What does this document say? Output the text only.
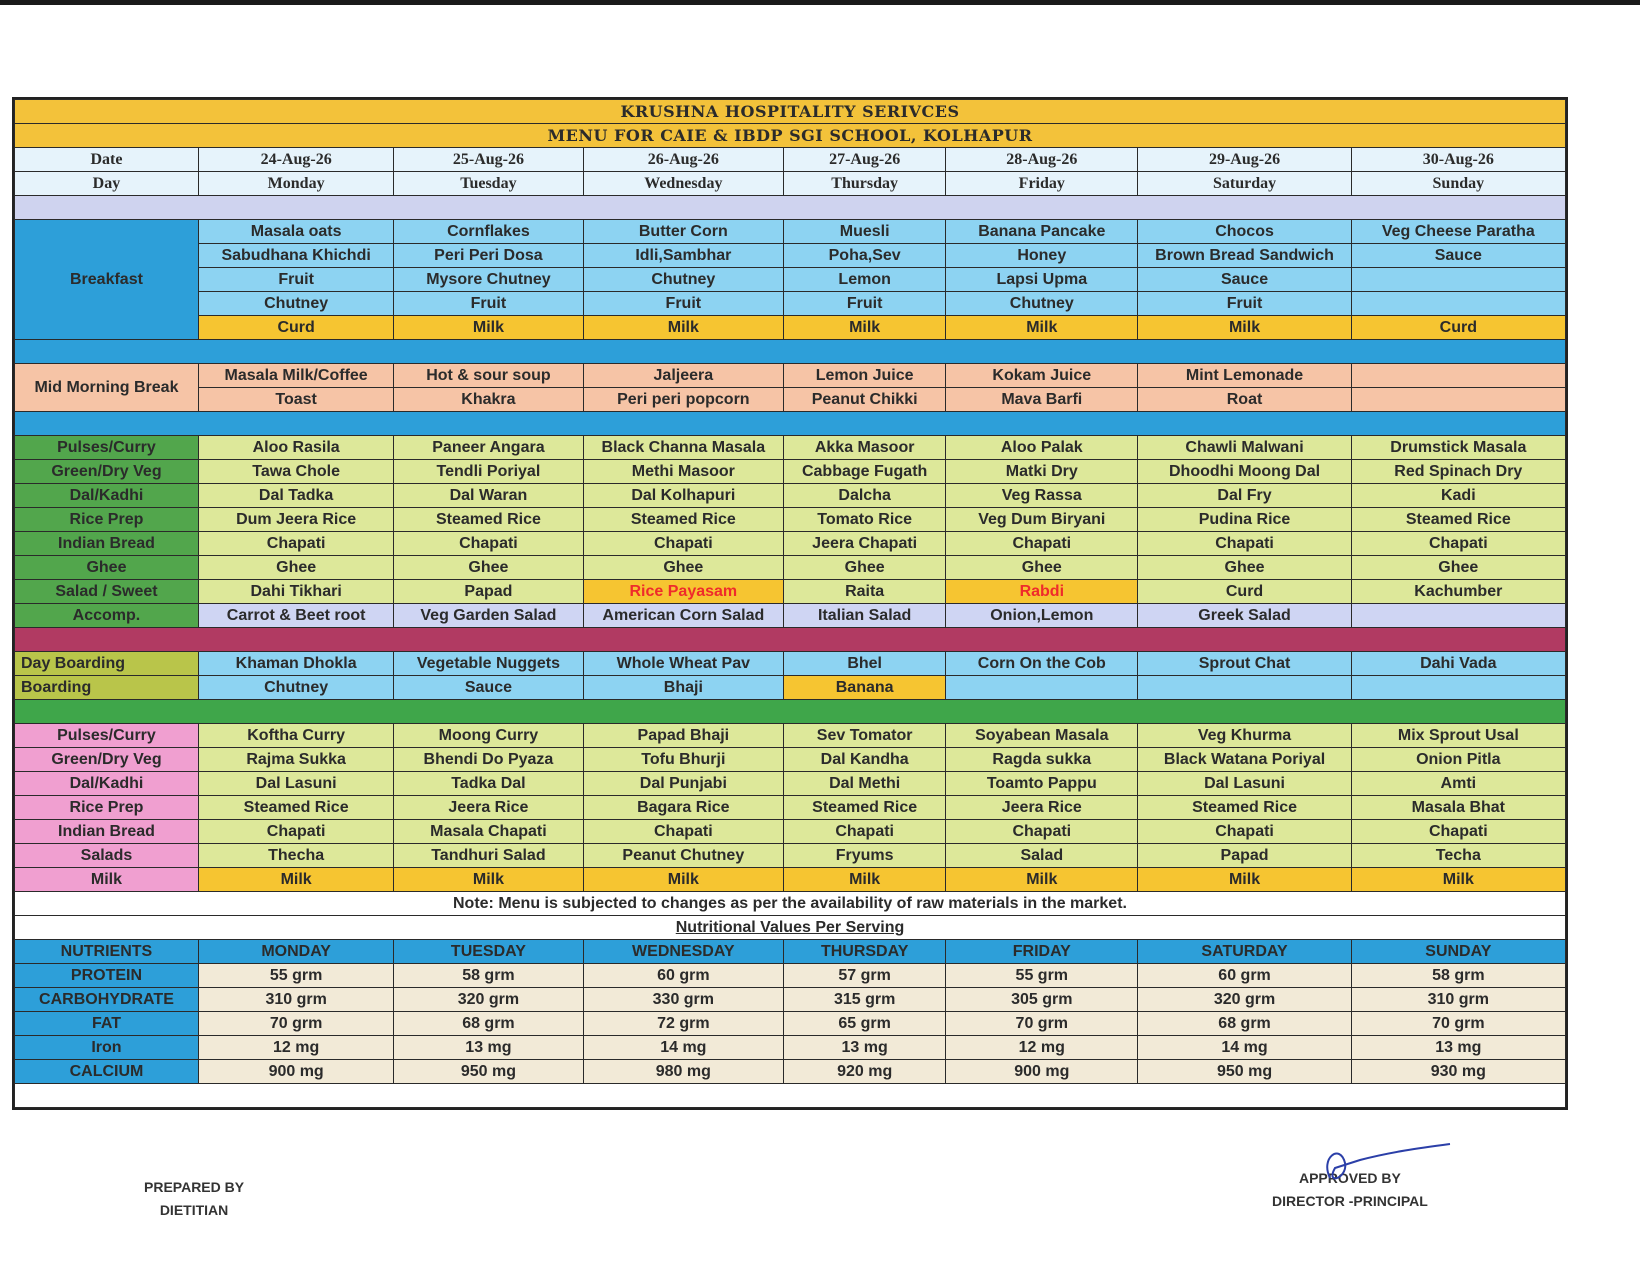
KRUSHNA HOSPITALITY SERIVCES							
MENU FOR CAIE & IBDP SGI SCHOOL, KOLHAPUR							
Date	24-Aug-26	25-Aug-26	26-Aug-26	27-Aug-26	28-Aug-26	29-Aug-26	30-Aug-26
Day	Monday	Tuesday	Wednesday	Thursday	Friday	Saturday	Sunday

Breakfast	Masala oats	Cornflakes	Butter Corn	Muesli	Banana Pancake	Chocos	Veg Cheese Paratha
	Sabudhana Khichdi	Peri Peri Dosa	Idli,Sambhar	Poha,Sev	Honey	Brown Bread Sandwich	Sauce
	Fruit	Mysore Chutney	Chutney	Lemon	Lapsi Upma	Sauce	
	Chutney	Fruit	Fruit	Fruit	Chutney	Fruit	
	Curd	Milk	Milk	Milk	Milk	Milk	Curd

Mid Morning Break	Masala Milk/Coffee	Hot & sour soup	Jaljeera	Lemon Juice	Kokam Juice	Mint Lemonade	
	Toast	Khakra	Peri peri popcorn	Peanut Chikki	Mava Barfi	Roat	

Pulses/Curry	Aloo Rasila	Paneer Angara	Black Channa Masala	Akka Masoor	Aloo Palak	Chawli Malwani	Drumstick Masala
Green/Dry Veg	Tawa Chole	Tendli Poriyal	Methi Masoor	Cabbage Fugath	Matki Dry	Dhoodhi Moong Dal	Red Spinach Dry
Dal/Kadhi	Dal Tadka	Dal Waran	Dal Kolhapuri	Dalcha	Veg Rassa	Dal Fry	Kadi
Rice Prep	Dum Jeera Rice	Steamed Rice	Steamed Rice	Tomato Rice	Veg Dum Biryani	Pudina Rice	Steamed Rice
Indian Bread	Chapati	Chapati	Chapati	Jeera Chapati	Chapati	Chapati	Chapati
Ghee	Ghee	Ghee	Ghee	Ghee	Ghee	Ghee	Ghee
Salad / Sweet	Dahi Tikhari	Papad	Rice Payasam	Raita	Rabdi	Curd	Kachumber
Accomp.	Carrot & Beet root	Veg Garden Salad	American Corn Salad	Italian Salad	Onion,Lemon	Greek Salad	

Day Boarding	Khaman Dhokla	Vegetable Nuggets	Whole Wheat Pav	Bhel	Corn On the Cob	Sprout Chat	Dahi Vada
Boarding	Chutney	Sauce	Bhaji	Banana			

Pulses/Curry	Koftha Curry	Moong Curry	Papad Bhaji	Sev Tomator	Soyabean Masala	Veg Khurma	Mix Sprout Usal
Green/Dry Veg	Rajma Sukka	Bhendi Do Pyaza	Tofu Bhurji	Dal Kandha	Ragda sukka	Black Watana Poriyal	Onion Pitla
Dal/Kadhi	Dal Lasuni	Tadka Dal	Dal Punjabi	Dal Methi	Toamto Pappu	Dal Lasuni	Amti
Rice Prep	Steamed Rice	Jeera Rice	Bagara Rice	Steamed Rice	Jeera Rice	Steamed Rice	Masala Bhat
Indian Bread	Chapati	Masala Chapati	Chapati	Chapati	Chapati	Chapati	Chapati
Salads	Thecha	Tandhuri Salad	Peanut Chutney	Fryums	Salad	Papad	Techa
Milk	Milk	Milk	Milk	Milk	Milk	Milk	Milk
Note: Menu is subjected to changes as per the availability of raw materials in the market.							
Nutritional Values Per Serving							
NUTRIENTS	MONDAY	TUESDAY	WEDNESDAY	THURSDAY	FRIDAY	SATURDAY	SUNDAY
PROTEIN	55 grm	58 grm	60 grm	57 grm	55 grm	60 grm	58 grm
CARBOHYDRATE	310 grm	320 grm	330 grm	315 grm	305 grm	320 grm	310 grm
FAT	70 grm	68 grm	72 grm	65 grm	70 grm	68 grm	70 grm
Iron	12 mg	13 mg	14 mg	13 mg	12 mg	14 mg	13 mg
CALCIUM	900 mg	950 mg	980 mg	920 mg	900 mg	950 mg	930 mg

PREPARED BY
DIETITIAN
APPROVED BY
DIRECTOR -PRINCIPAL
